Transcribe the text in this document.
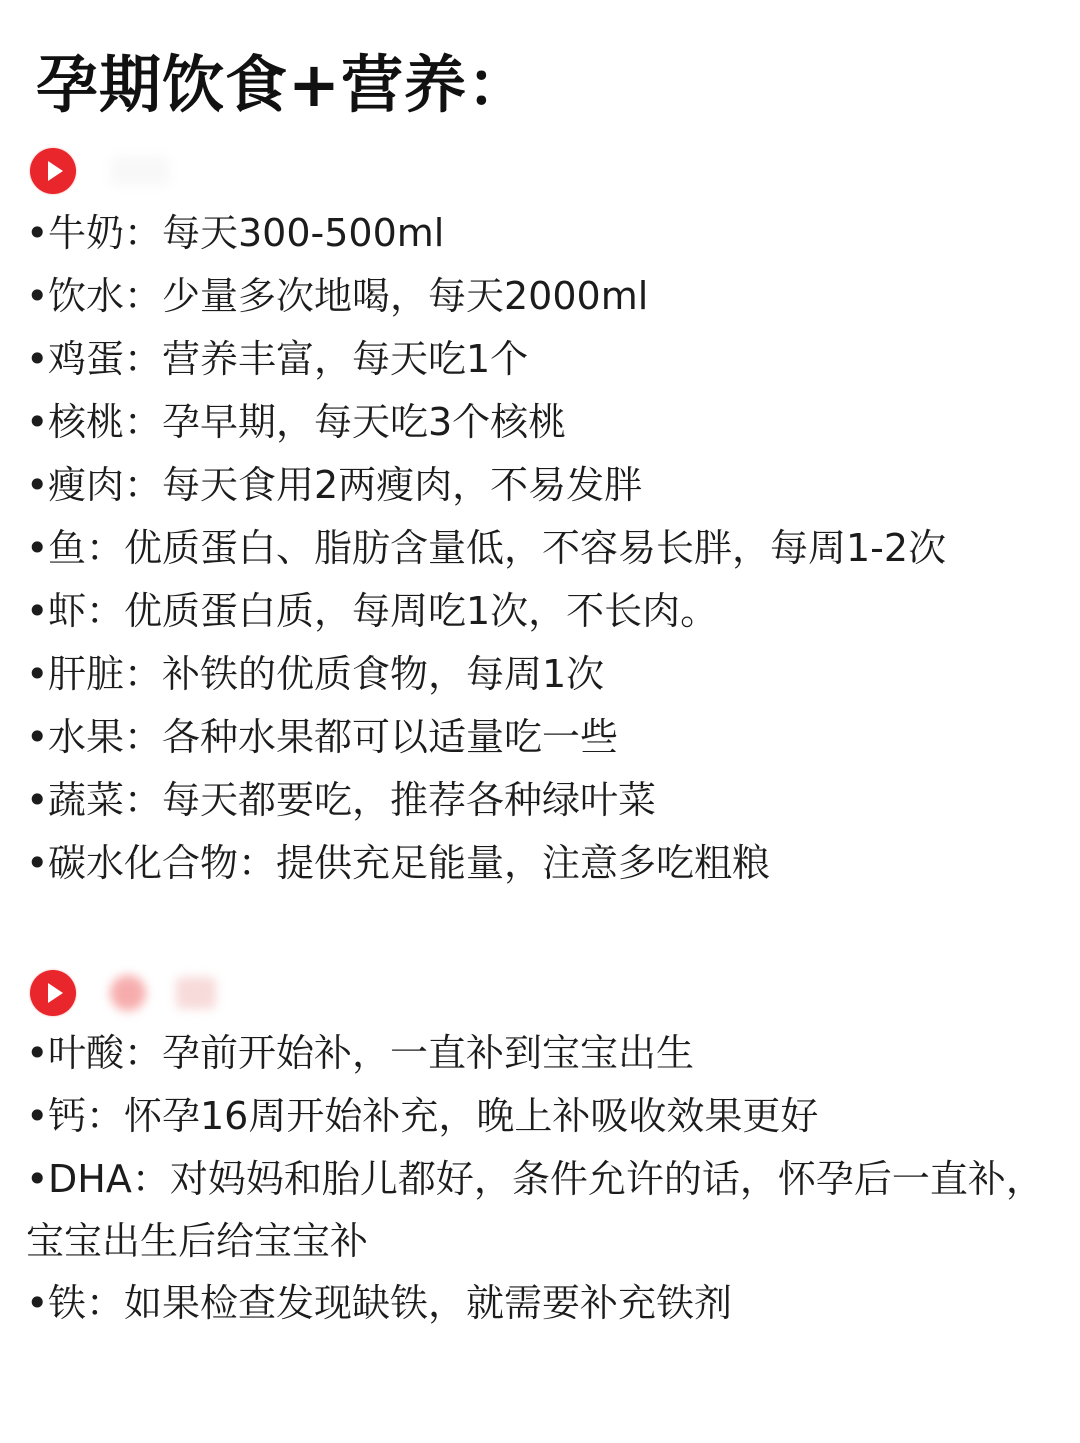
孕期饮食+营养：
•牛奶：每天300-500ml
•饮水：少量多次地喝，每天2000ml
•鸡蛋：营养丰富，每天吃1个
•核桃：孕早期，每天吃3个核桃
•瘦肉：每天食用2两瘦肉，不易发胖
•鱼：优质蛋白、脂肪含量低，不容易长胖，每周1-2次
•虾：优质蛋白质，每周吃1次，不长肉。
•肝脏：补铁的优质食物，每周1次
•水果：各种水果都可以适量吃一些
•蔬菜：每天都要吃，推荐各种绿叶菜
•碳水化合物：提供充足能量，注意多吃粗粮
•叶酸：孕前开始补，一直补到宝宝出生
•钙：怀孕16周开始补充，晚上补吸收效果更好
•DHA：对妈妈和胎儿都好，条件允许的话，怀孕后一直补，宝宝出生后给宝宝补
•铁：如果检查发现缺铁，就需要补充铁剂
